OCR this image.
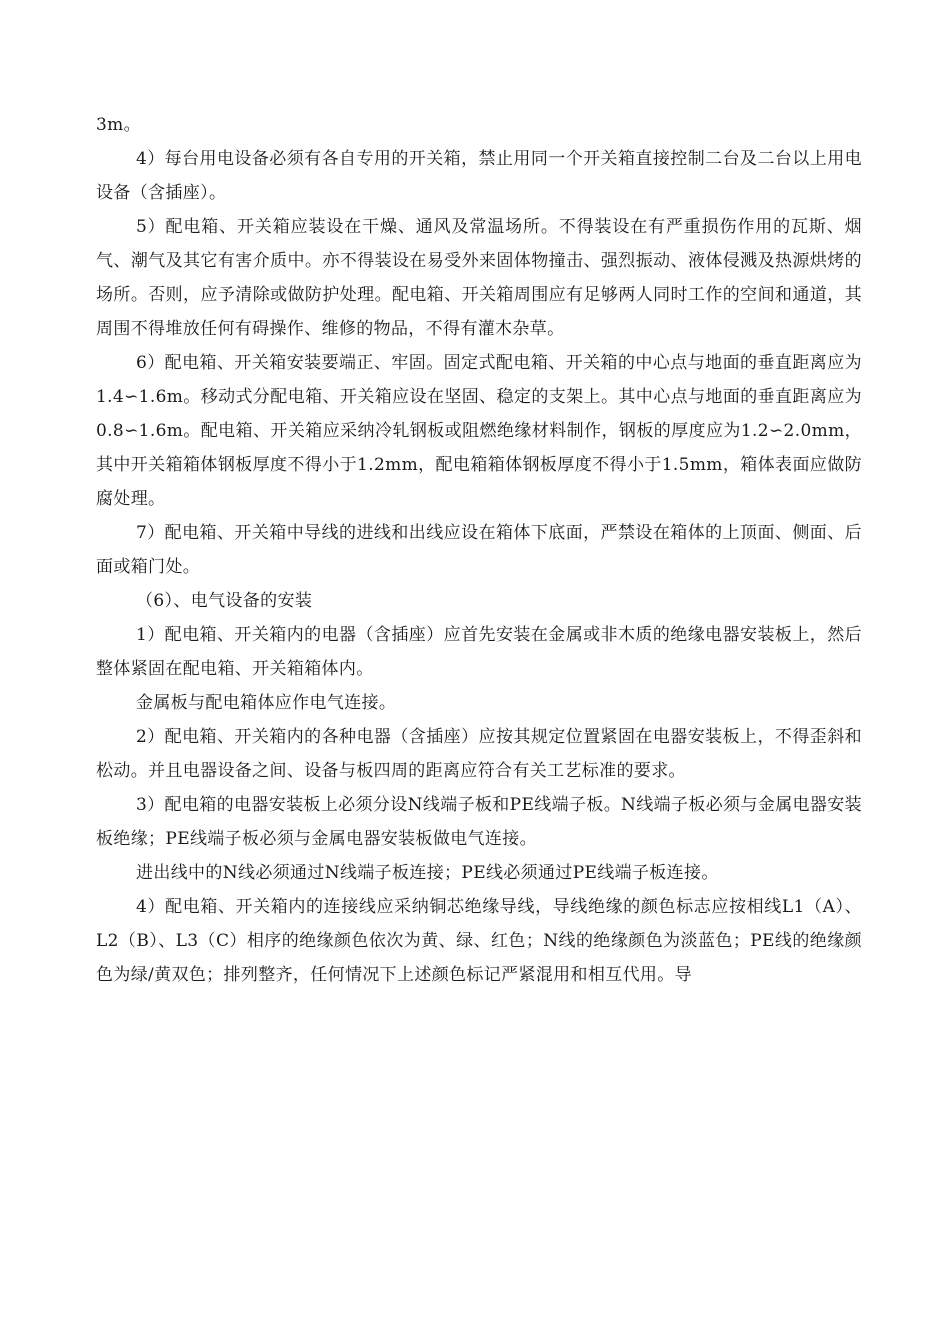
3m。

4）每台用电设备必须有各自专用的开关箱，禁止用同一个开关箱直接控制二台及二台以上用电设备（含插座）。

5）配电箱、开关箱应装设在干燥、通风及常温场所。不得装设在有严重损伤作用的瓦斯、烟气、潮气及其它有害介质中。亦不得装设在易受外来固体物撞击、强烈振动、液体侵溅及热源烘烤的场所。否则，应予清除或做防护处理。配电箱、开关箱周围应有足够两人同时工作的空间和通道，其周围不得堆放任何有碍操作、维修的物品，不得有灌木杂草。

6）配电箱、开关箱安装要端正、牢固。固定式配电箱、开关箱的中心点与地面的垂直距离应为1.4∽1.6m。移动式分配电箱、开关箱应设在坚固、稳定的支架上。其中心点与地面的垂直距离应为0.8∽1.6m。配电箱、开关箱应采纳冷轧钢板或阻燃绝缘材料制作，钢板的厚度应为1.2∽2.0mm，其中开关箱箱体钢板厚度不得小于1.2mm，配电箱箱体钢板厚度不得小于1.5mm，箱体表面应做防腐处理。

7）配电箱、开关箱中导线的进线和出线应设在箱体下底面，严禁设在箱体的上顶面、侧面、后面或箱门处。

（6）、电气设备的安装

1）配电箱、开关箱内的电器（含插座）应首先安装在金属或非木质的绝缘电器安装板上，然后整体紧固在配电箱、开关箱箱体内。

金属板与配电箱体应作电气连接。

2）配电箱、开关箱内的各种电器（含插座）应按其规定位置紧固在电器安装板上，不得歪斜和松动。并且电器设备之间、设备与板四周的距离应符合有关工艺标准的要求。

3）配电箱的电器安装板上必须分设N线端子板和PE线端子板。N线端子板必须与金属电器安装板绝缘；PE线端子板必须与金属电器安装板做电气连接。

进出线中的N线必须通过N线端子板连接；PE线必须通过PE线端子板连接。

4）配电箱、开关箱内的连接线应采纳铜芯绝缘导线，导线绝缘的颜色标志应按相线L1（A）、L2（B）、L3（C）相序的绝缘颜色依次为黄、绿、红色；N线的绝缘颜色为淡蓝色；PE线的绝缘颜色为绿/黄双色；排列整齐，任何情况下上述颜色标记严紧混用和相互代用。导
